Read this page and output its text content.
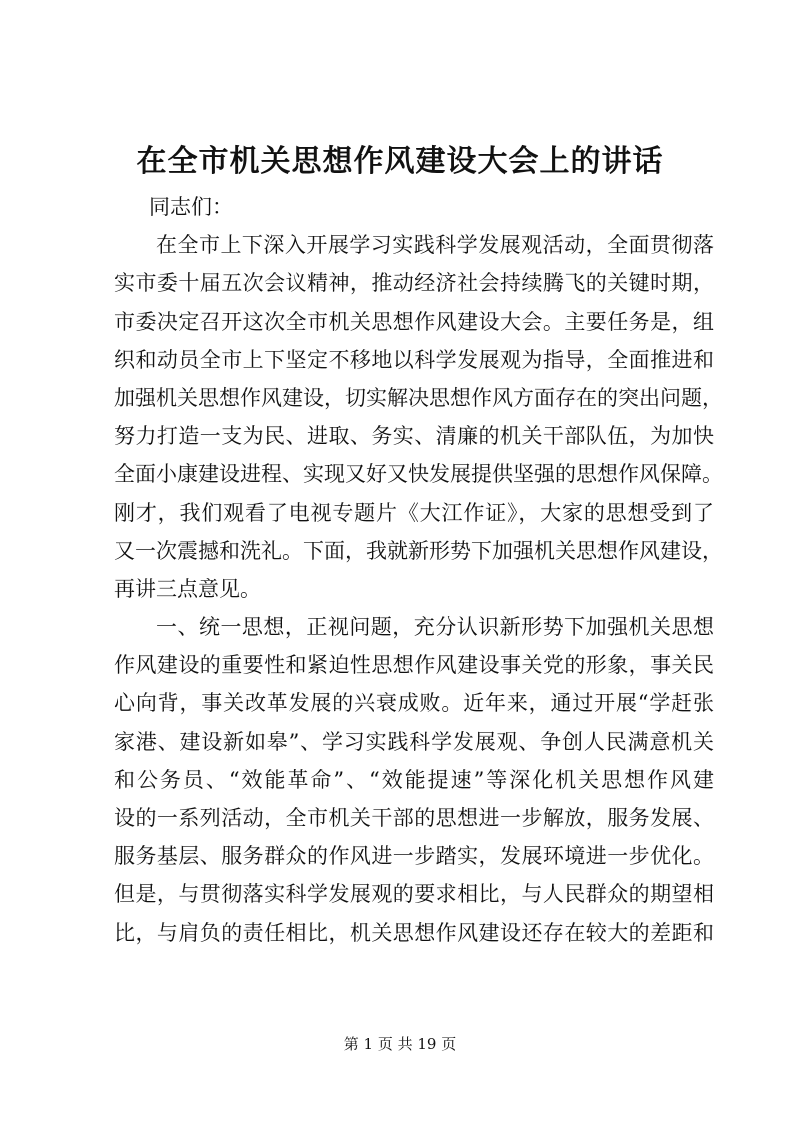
在全市机关思想作风建设大会上的讲话
同志们：
在全市上下深入开展学习实践科学发展观活动，全面贯彻落
实市委十届五次会议精神，推动经济社会持续腾飞的关键时期，
市委决定召开这次全市机关思想作风建设大会。主要任务是，组
织和动员全市上下坚定不移地以科学发展观为指导，全面推进和
加强机关思想作风建设，切实解决思想作风方面存在的突出问题，
努力打造一支为民、进取、务实、清廉的机关干部队伍，为加快
全面小康建设进程、实现又好又快发展提供坚强的思想作风保障。
刚才，我们观看了电视专题片《大江作证》，大家的思想受到了
又一次震撼和洗礼。下面，我就新形势下加强机关思想作风建设，
再讲三点意见。
一、统一思想，正视问题，充分认识新形势下加强机关思想
作风建设的重要性和紧迫性思想作风建设事关党的形象，事关民
心向背，事关改革发展的兴衰成败。近年来，通过开展“学赶张
家港、建设新如皋”、学习实践科学发展观、争创人民满意机关
和公务员、“效能革命”、“效能提速”等深化机关思想作风建
设的一系列活动，全市机关干部的思想进一步解放，服务发展、
服务基层、服务群众的作风进一步踏实，发展环境进一步优化。
但是，与贯彻落实科学发展观的要求相比，与人民群众的期望相
比，与肩负的责任相比，机关思想作风建设还存在较大的差距和
第 1 页 共 19 页
